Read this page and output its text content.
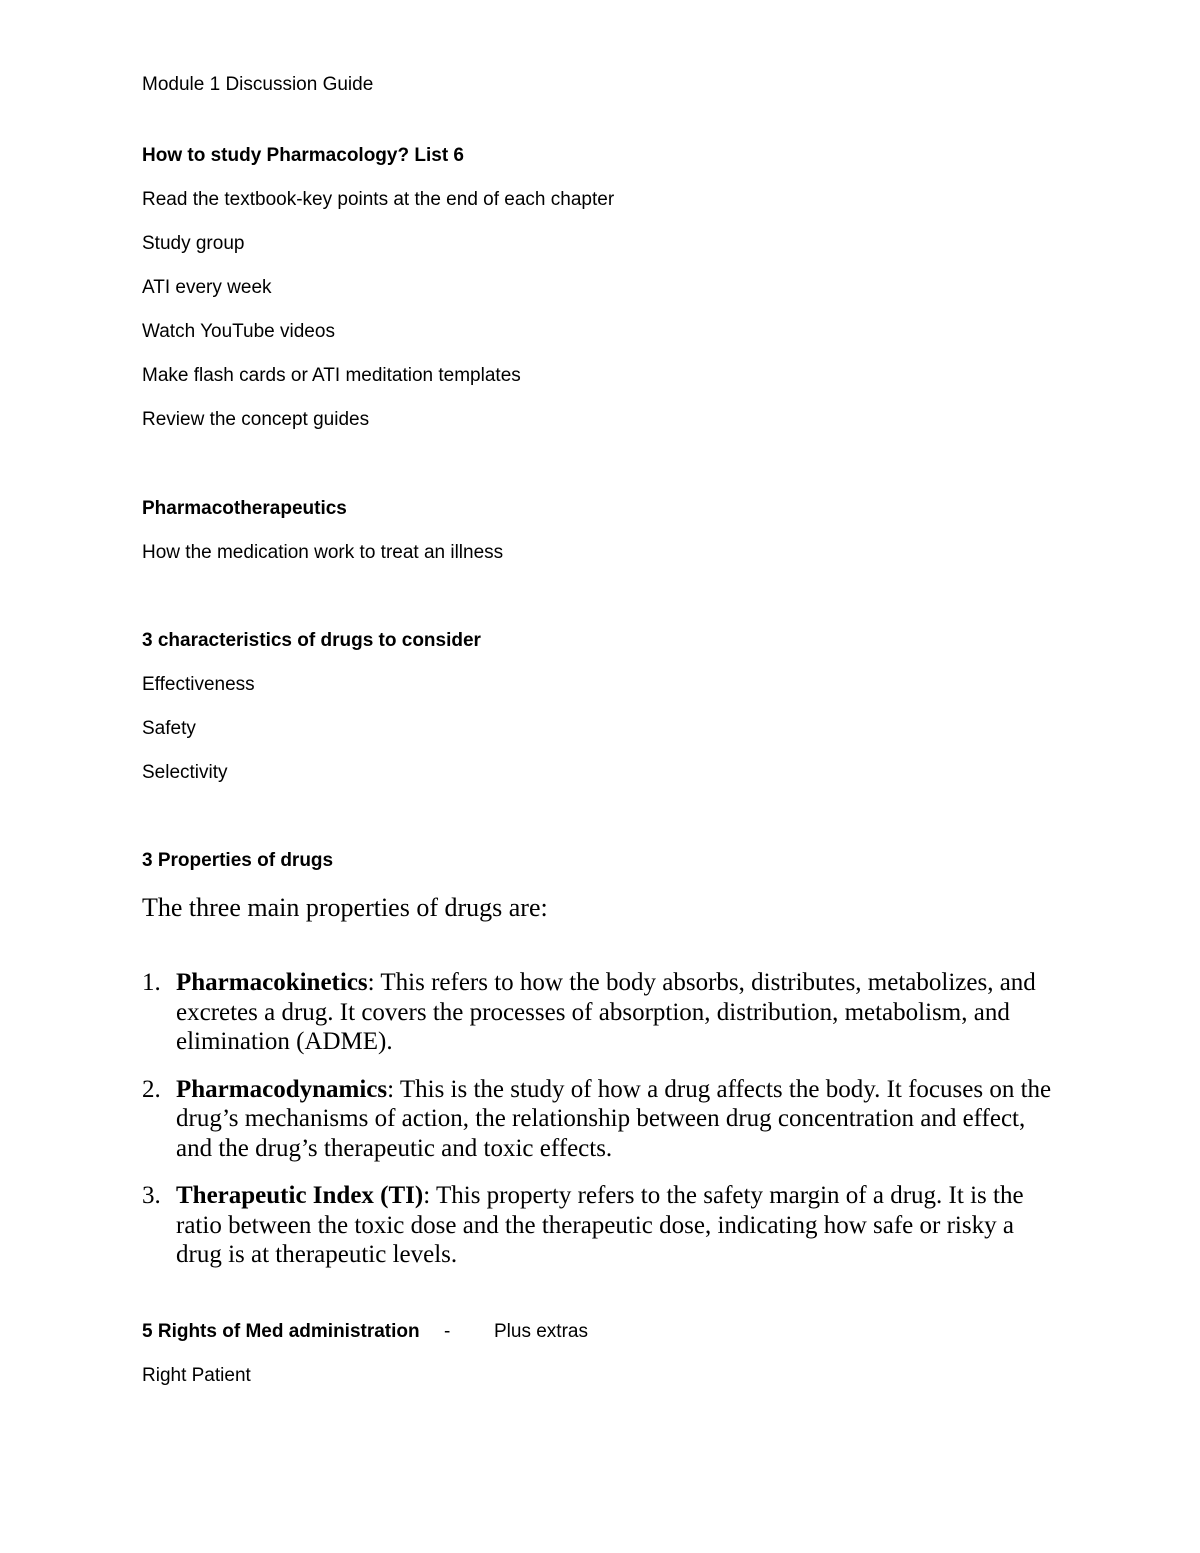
Module 1 Discussion Guide

How to study Pharmacology? List 6

Read the textbook-key points at the end of each chapter

Study group

ATI every week

Watch YouTube videos

Make flash cards or ATI meditation templates

Review the concept guides

Pharmacotherapeutics

How the medication work to treat an illness

3 characteristics of drugs to consider

Effectiveness

Safety

Selectivity

3 Properties of drugs

The three main properties of drugs are:

1. Pharmacokinetics: This refers to how the body absorbs, distributes, metabolizes, and excretes a drug. It covers the processes of absorption, distribution, metabolism, and elimination (ADME).
2. Pharmacodynamics: This is the study of how a drug affects the body. It focuses on the drug’s mechanisms of action, the relationship between drug concentration and effect, and the drug’s therapeutic and toxic effects.
3. Therapeutic Index (TI): This property refers to the safety margin of a drug. It is the ratio between the toxic dose and the therapeutic dose, indicating how safe or risky a drug is at therapeutic levels.

5 Rights of Med administration - Plus extras

Right Patient
